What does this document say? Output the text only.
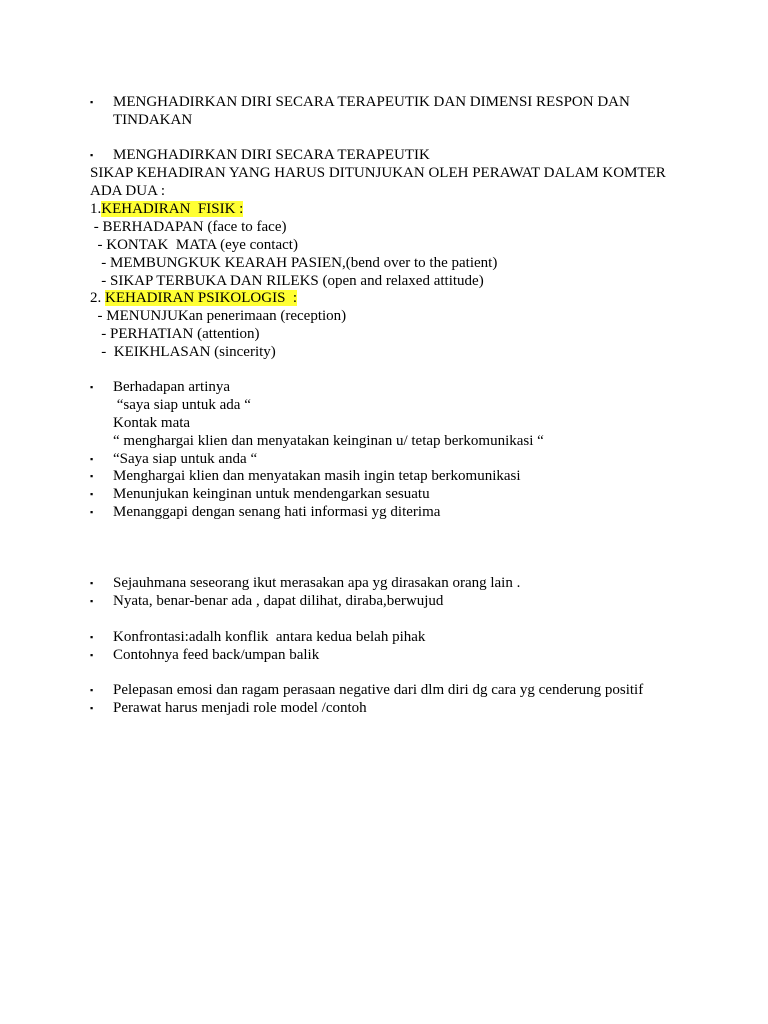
▪
MENGHADIRKAN DIRI SECARA TERAPEUTIK DAN DIMENSI RESPON DAN
TINDAKAN
▪
MENGHADIRKAN DIRI SECARA TERAPEUTIK
SIKAP KEHADIRAN YANG HARUS DITUNJUKAN OLEH PERAWAT DALAM KOMTER
ADA DUA :
1.KEHADIRAN  FISIK :
- BERHADAPAN (face to face)
- KONTAK  MATA (eye contact)
- MEMBUNGKUK KEARAH PASIEN,(bend over to the patient)
- SIKAP TERBUKA DAN RILEKS (open and relaxed attitude)
2. KEHADIRAN PSIKOLOGIS  :
- MENUNJUKan penerimaan (reception)
- PERHATIAN (attention)
-  KEIKHLASAN (sincerity)
▪
Berhadapan artinya
“saya siap untuk ada “
Kontak mata
“ menghargai klien dan menyatakan keinginan u/ tetap berkomunikasi “
▪
“Saya siap untuk anda “
▪
Menghargai klien dan menyatakan masih ingin tetap berkomunikasi
▪
Menunjukan keinginan untuk mendengarkan sesuatu
▪
Menanggapi dengan senang hati informasi yg diterima
▪
Sejauhmana seseorang ikut merasakan apa yg dirasakan orang lain .
▪
Nyata, benar-benar ada , dapat dilihat, diraba,berwujud
▪
Konfrontasi:adalh konflik  antara kedua belah pihak
▪
Contohnya feed back/umpan balik
▪
Pelepasan emosi dan ragam perasaan negative dari dlm diri dg cara yg cenderung positif
▪
Perawat harus menjadi role model /contoh
